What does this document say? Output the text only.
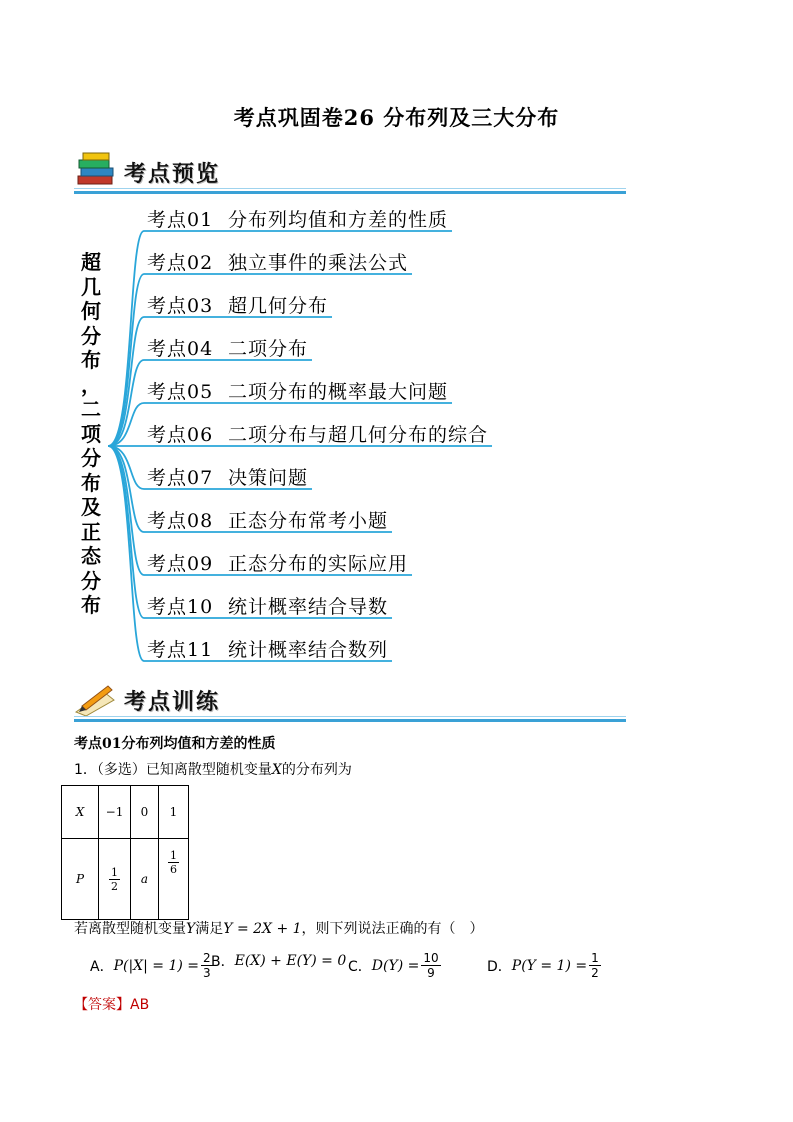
考点巩固卷26 分布列及三大分布
考点预览
超
几
何
分
布
，
二
项
分
布
及
正
态
分
布
考点01 分布列均值和方差的性质
考点02 独立事件的乘法公式
考点03 超几何分布
考点04 二项分布
考点05 二项分布的概率最大问题
考点06 二项分布与超几何分布的综合
考点07 决策问题
考点08 正态分布常考小题
考点09 正态分布的实际应用
考点10 统计概率结合导数
考点11 统计概率结合数列
考点训练
考点01分布列均值和方差的性质
1．（多选）已知离散型随机变量X的分布列为
X	−1	0	1
P	$\frac{1}{2}$	a	$\frac{1}{6}$
若离散型随机变量Y满足Y = 2X + 1，则下列说法正确的有（　）
A． $P(|X| = 1) = \frac{2}{3}$
B． E(X) + E(Y) = 0 C． $D(Y) = \frac{10}{9}$	D． $P(Y = 1) = \frac{1}{2}$
【答案】AB
